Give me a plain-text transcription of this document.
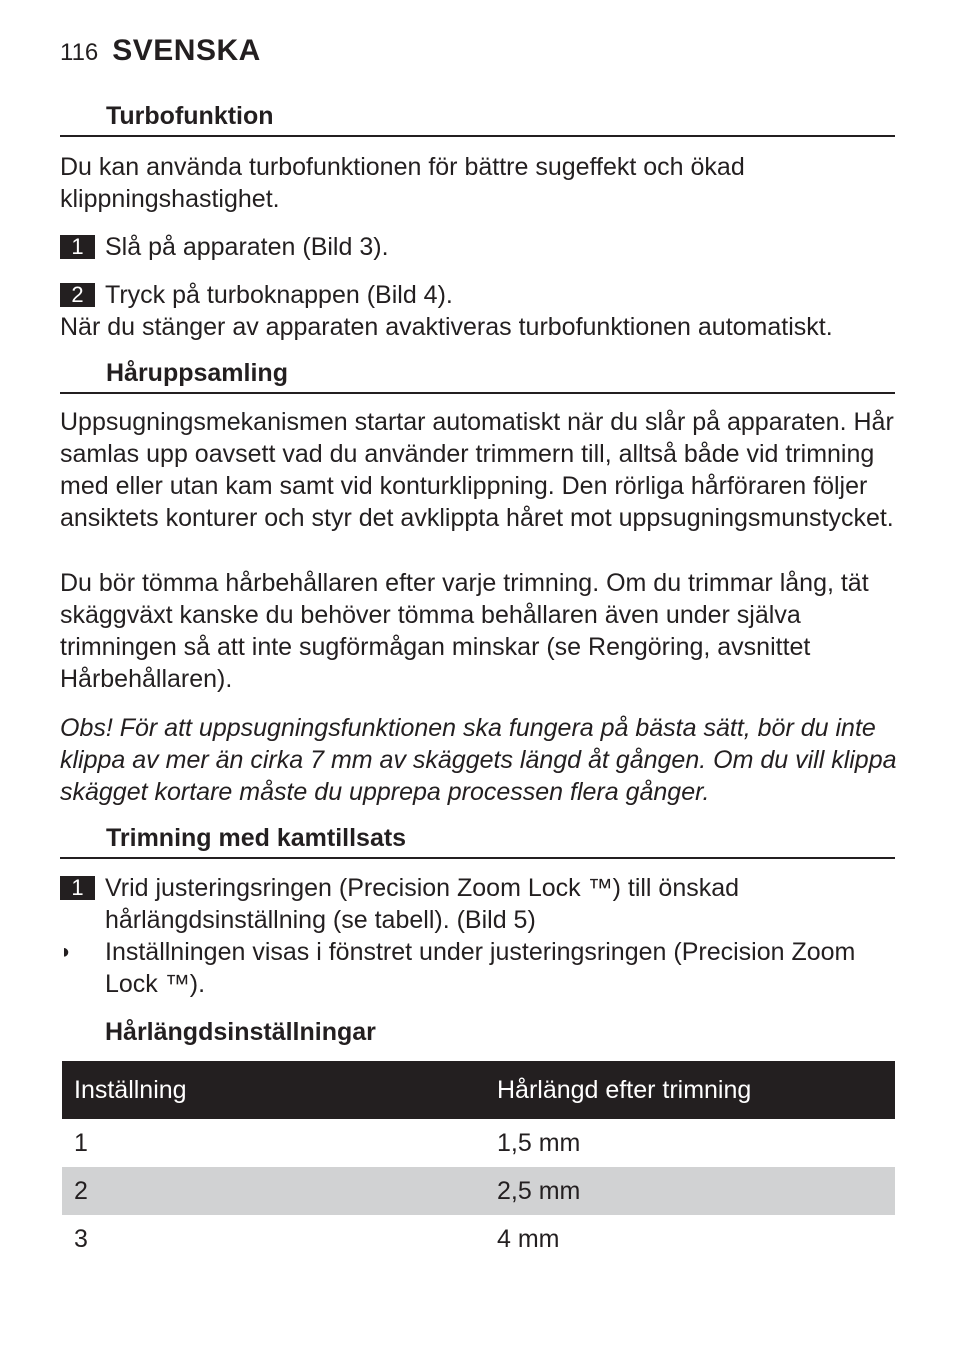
116 SVENSKA
Turbofunktion
Du kan använda turbofunktionen för bättre sugeffekt och ökad klippningshastighet.
1 Slå på apparaten (Bild 3).
2 Tryck på turboknappen (Bild 4).
När du stänger av apparaten avaktiveras turbofunktionen automatiskt.
Håruppsamling
Uppsugningsmekanismen startar automatiskt när du slår på apparaten. Hår samlas upp oavsett vad du använder trimmern till, alltså både vid trimning med eller utan kam samt vid konturklippning. Den rörliga hårföraren följer ansiktets konturer och styr det avklippta håret mot uppsugningsmunstycket.
Du bör tömma hårbehållaren efter varje trimning. Om du trimmar lång, tät skäggväxt kanske du behöver tömma behållaren även under själva trimningen så att inte sugförmågan minskar (se Rengöring, avsnittet Hårbehållaren).
Obs! För att uppsugningsfunktionen ska fungera på bästa sätt, bör du inte klippa av mer än cirka 7 mm av skäggets längd åt gången. Om du vill klippa skägget kortare måste du upprepa processen flera gånger.
Trimning med kamtillsats
1 Vrid justeringsringen (Precision Zoom Lock ™) till önskad hårlängdsinställning (se tabell). (Bild 5)
◗	Inställningen visas i fönstret under justeringsringen (Precision Zoom Lock ™).
Hårlängdsinställningar
Inställning	Hårlängd efter trimning
1	1,5 mm
2	2,5 mm
3	4 mm
